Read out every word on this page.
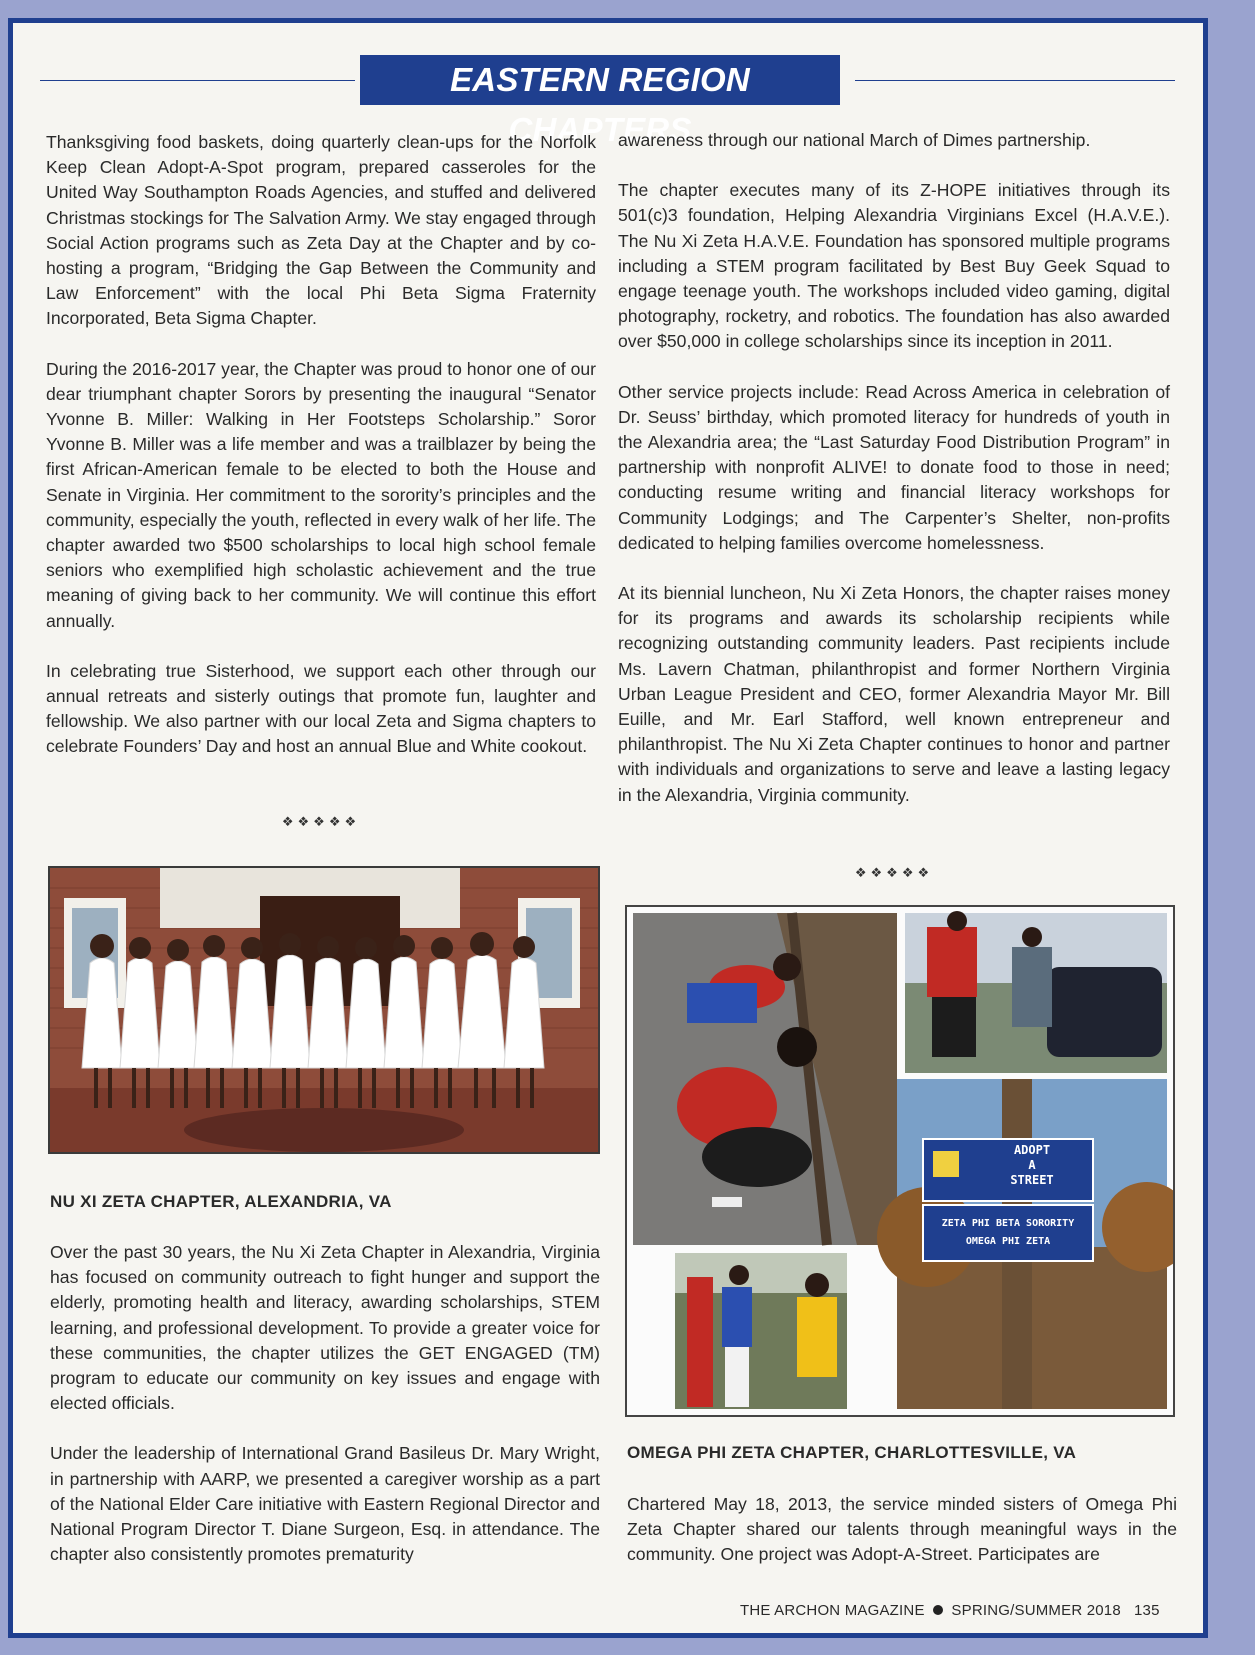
EASTERN REGION CHAPTERS

Thanksgiving food baskets, doing quarterly clean-ups for the Norfolk Keep Clean Adopt-A-Spot program, prepared casseroles for the United Way Southampton Roads Agencies, and stuffed and delivered Christmas stockings for The Salvation Army. We stay engaged through Social Action programs such as Zeta Day at the Chapter and by co-hosting a program, “Bridging the Gap Between the Community and Law Enforcement” with the local Phi Beta Sigma Fraternity Incorporated, Beta Sigma Chapter.

During the 2016-2017 year, the Chapter was proud to honor one of our dear triumphant chapter Sorors by presenting the inaugural “Senator Yvonne B. Miller: Walking in Her Footsteps Scholarship.” Soror Yvonne B. Miller was a life member and was a trailblazer by being the first African-American female to be elected to both the House and Senate in Virginia. Her commitment to the sorority’s principles and the community, especially the youth, reflected in every walk of her life. The chapter awarded two $500 scholarships to local high school female seniors who exemplified high scholastic achievement and the true meaning of giving back to her community. We will continue this effort annually.

In celebrating true Sisterhood, we support each other through our annual retreats and sisterly outings that promote fun, laughter and fellowship. We also partner with our local Zeta and Sigma chapters to celebrate Founders’ Day and host an annual Blue and White cookout.

❖❖❖❖❖
NU XI ZETA CHAPTER, ALEXANDRIA, VA

Over the past 30 years, the Nu Xi Zeta Chapter in Alexandria, Virginia has focused on community outreach to fight hunger and support the elderly, promoting health and literacy, awarding scholarships, STEM learning, and professional development. To provide a greater voice for these communities, the chapter utilizes the GET ENGAGED (TM) program to educate our community on key issues and engage with elected officials.

Under the leadership of International Grand Basileus Dr. Mary Wright, in partnership with AARP, we presented a caregiver worship as a part of the National Elder Care initiative with Eastern Regional Director and National Program Director T. Diane Surgeon, Esq. in attendance. The chapter also consistently promotes prematurity

awareness through our national March of Dimes partnership.

The chapter executes many of its Z-HOPE initiatives through its 501(c)3 foundation, Helping Alexandria Virginians Excel (H.A.V.E.). The Nu Xi Zeta H.A.V.E. Foundation has sponsored multiple programs including a STEM program facilitated by Best Buy Geek Squad to engage teenage youth. The workshops included video gaming, digital photography, rocketry, and robotics. The foundation has also awarded over $50,000 in college scholarships since its inception in 2011.

Other service projects include: Read Across America in celebration of Dr. Seuss’ birthday, which promoted literacy for hundreds of youth in the Alexandria area; the “Last Saturday Food Distribution Program” in partnership with nonprofit ALIVE! to donate food to those in need; conducting resume writing and financial literacy workshops for Community Lodgings; and The Carpenter’s Shelter, non-profits dedicated to helping families overcome homelessness.

At its biennial luncheon, Nu Xi Zeta Honors, the chapter raises money for its programs and awards its scholarship recipients while recognizing outstanding community leaders. Past recipients include Ms. Lavern Chatman, philanthropist and former Northern Virginia Urban League President and CEO, former Alexandria Mayor Mr. Bill Euille, and Mr. Earl Stafford, well known entrepreneur and philanthropist. The Nu Xi Zeta Chapter continues to honor and partner with individuals and organizations to serve and leave a lasting legacy in the Alexandria, Virginia community.

❖❖❖❖❖
ADOPT
A
STREET
ZETA PHI BETA SORORITY
OMEGA PHI ZETA
OMEGA PHI ZETA CHAPTER, CHARLOTTESVILLE, VA

Chartered May 18, 2013, the service minded sisters of Omega Phi Zeta Chapter shared our talents through meaningful ways in the community. One project was Adopt-A-Street. Participates are

THE ARCHON MAGAZINE SPRING/SUMMER 2018 135
